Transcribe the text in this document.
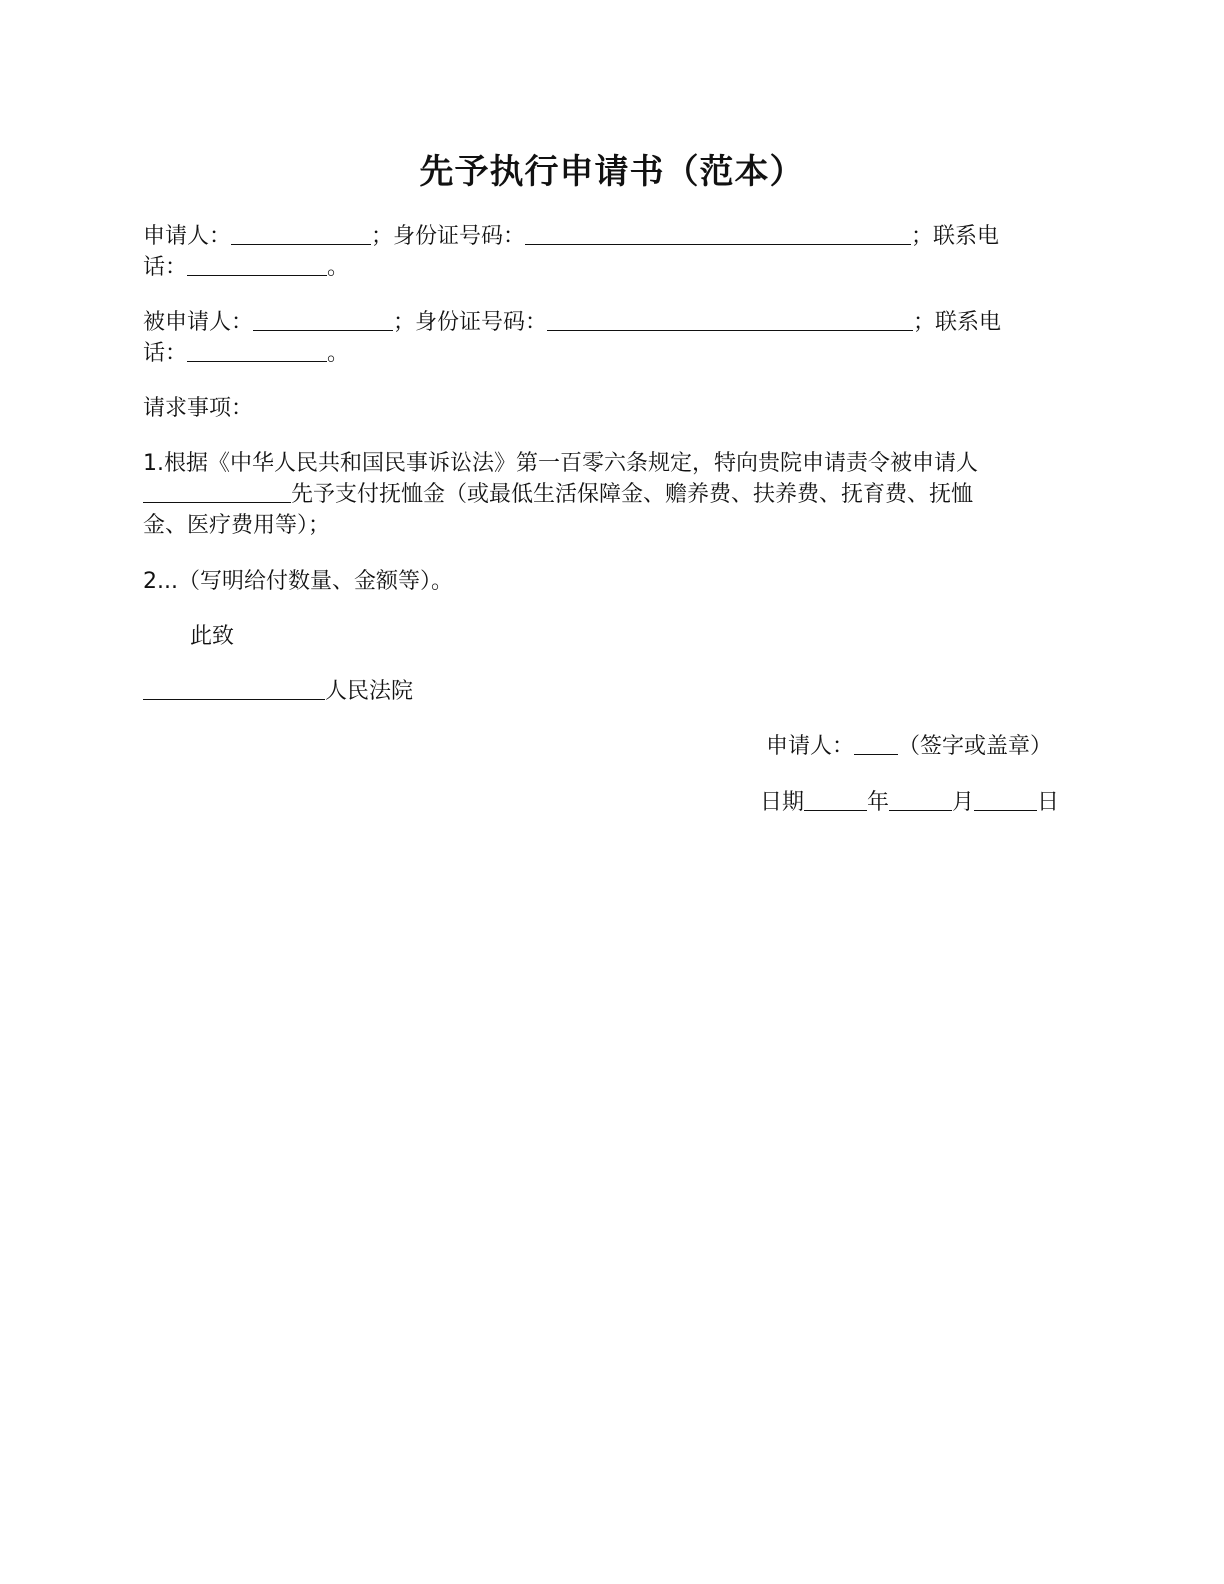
先予执行申请书（范本）
申请人：	；身份证号码：	；联系电
话：	。
被申请人：	；身份证号码：	；联系电
话：	。
请求事项：
1.根据《中华人民共和国民事诉讼法》第一百零六条规定，特向贵院申请责令被申请人
先予支付抚恤金（或最低生活保障金、赡养费、扶养费、抚育费、抚恤
金、医疗费用等）；
2...（写明给付数量、金额等）。
此致
人民法院
申请人： （签字或盖章）
日期	年	月	日
